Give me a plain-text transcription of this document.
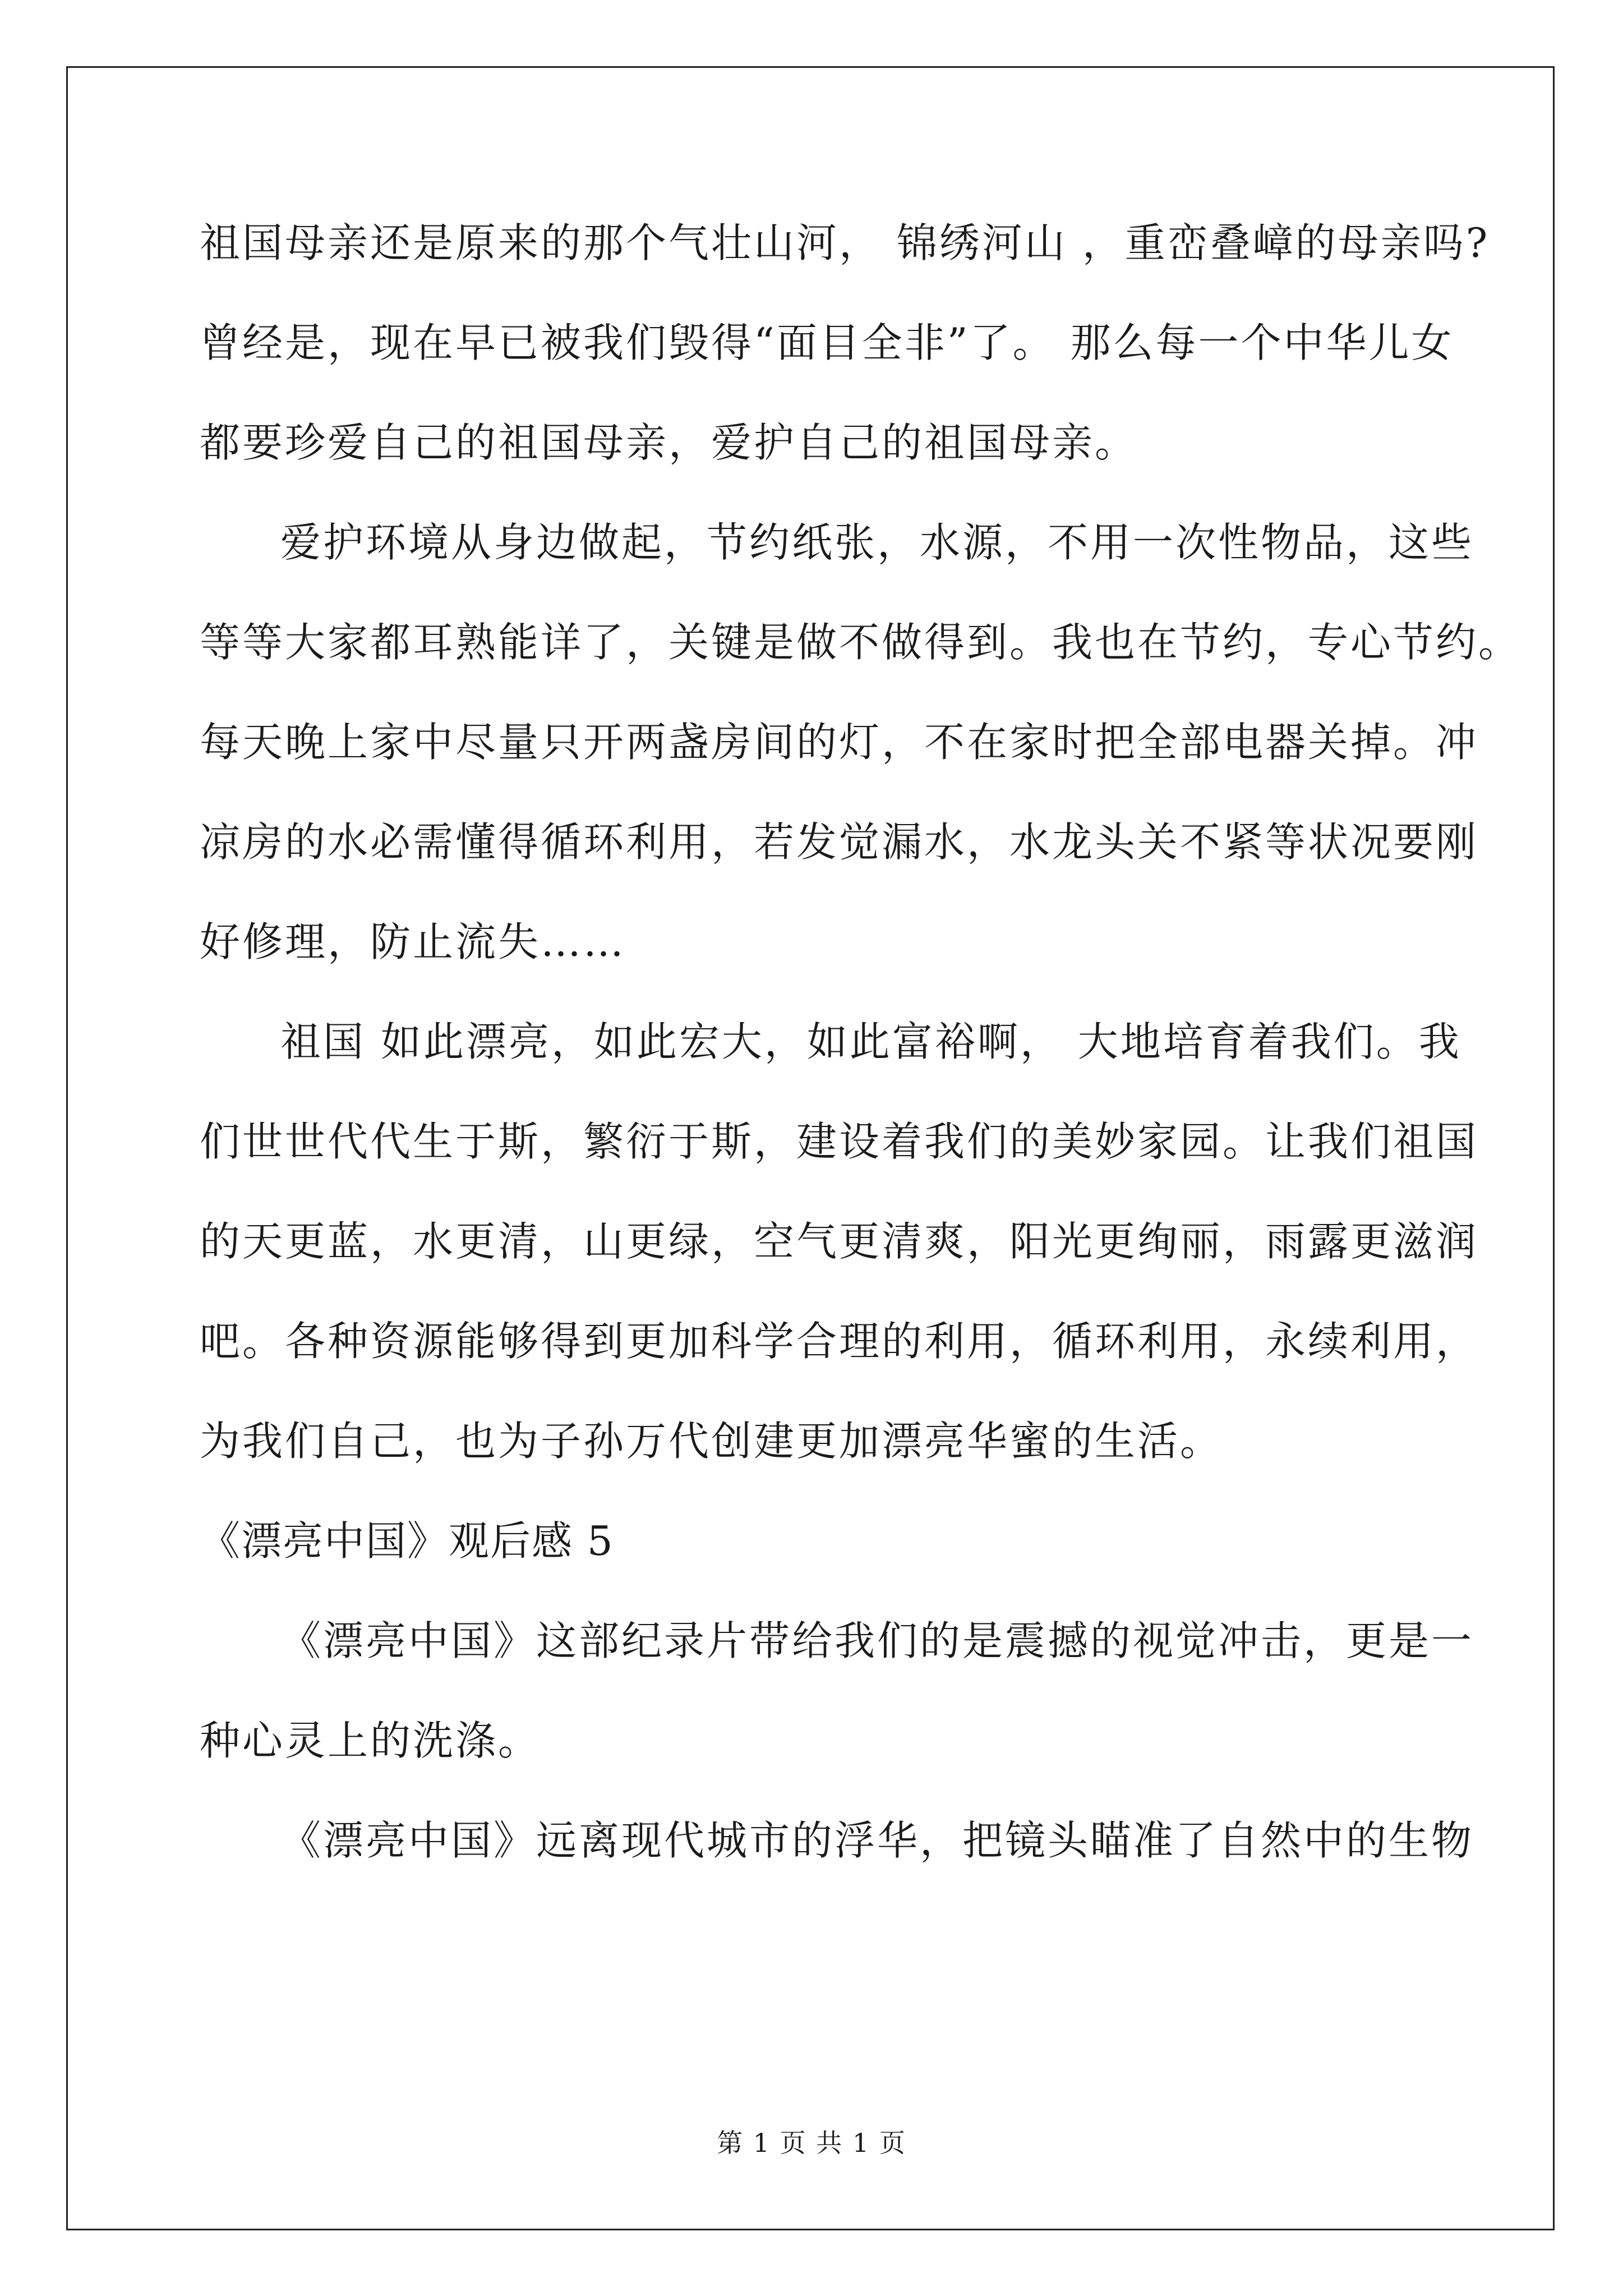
祖国母亲还是原来的那个气壮山河， 锦绣河山 ，重峦叠嶂的母亲吗?
曾经是，现在早已被我们毁得“面目全非”了。 那么每一个中华儿女
都要珍爱自己的祖国母亲，爱护自己的祖国母亲。
爱护环境从身边做起，节约纸张，水源，不用一次性物品，这些
等等大家都耳熟能详了，关键是做不做得到。我也在节约，专心节约。
每天晚上家中尽量只开两盏房间的灯，不在家时把全部电器关掉。冲
凉房的水必需懂得循环利用，若发觉漏水，水龙头关不紧等状况要刚
好修理，防止流失……
祖国 如此漂亮，如此宏大，如此富裕啊， 大地培育着我们。我
们世世代代生于斯，繁衍于斯，建设着我们的美妙家园。让我们祖国
的天更蓝，水更清，山更绿，空气更清爽，阳光更绚丽，雨露更滋润
吧。各种资源能够得到更加科学合理的利用，循环利用，永续利用，
为我们自己，也为子孙万代创建更加漂亮华蜜的生活。
《漂亮中国》观后感 5
《漂亮中国》这部纪录片带给我们的是震撼的视觉冲击，更是一
种心灵上的洗涤。
《漂亮中国》远离现代城市的浮华，把镜头瞄准了自然中的生物
第 1 页 共 1 页
